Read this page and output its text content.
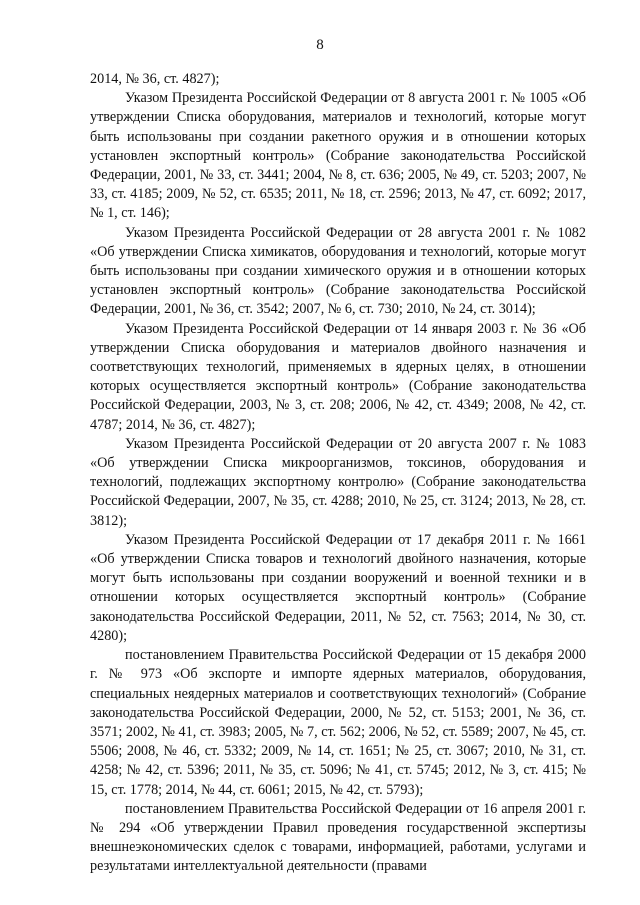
8

2014, № 36, ст. 4827);

Указом Президента Российской Федерации от 8 августа 2001 г. № 1005 «Об утверждении Списка оборудования, материалов и технологий, которые могут быть использованы при создании ракетного оружия и в отношении которых установлен экспортный контроль» (Собрание законодательства Российской Федерации, 2001, № 33, ст. 3441; 2004, № 8, ст. 636; 2005, № 49, ст. 5203; 2007, № 33, ст. 4185; 2009, № 52, ст. 6535; 2011, № 18, ст. 2596; 2013, № 47, ст. 6092; 2017, № 1, ст. 146);

Указом Президента Российской Федерации от 28 августа 2001 г. № 1082 «Об утверждении Списка химикатов, оборудования и технологий, которые могут быть использованы при создании химического оружия и в отношении которых установлен экспортный контроль» (Собрание законодательства Российской Федерации, 2001, № 36, ст. 3542; 2007, № 6, ст. 730; 2010, № 24, ст. 3014);

Указом Президента Российской Федерации от 14 января 2003 г. № 36 «Об утверждении Списка оборудования и материалов двойного назначения и соответствующих технологий, применяемых в ядерных целях, в отношении которых осуществляется экспортный контроль» (Собрание законодательства Российской Федерации, 2003, № 3, ст. 208; 2006, № 42, ст. 4349; 2008, № 42, ст. 4787; 2014, № 36, ст. 4827);

Указом Президента Российской Федерации от 20 августа 2007 г. № 1083 «Об утверждении Списка микроорганизмов, токсинов, оборудования и технологий, подлежащих экспортному контролю» (Собрание законодательства Российской Федерации, 2007, № 35, ст. 4288; 2010, № 25, ст. 3124; 2013, № 28, ст. 3812);

Указом Президента Российской Федерации от 17 декабря 2011 г. № 1661 «Об утверждении Списка товаров и технологий двойного назначения, которые могут быть использованы при создании вооружений и военной техники и в отношении которых осуществляется экспортный контроль» (Собрание законодательства Российской Федерации, 2011, № 52, ст. 7563; 2014, № 30, ст. 4280);

постановлением Правительства Российской Федерации от 15 декабря 2000 г. № 973 «Об экспорте и импорте ядерных материалов, оборудования, специальных неядерных материалов и соответствующих технологий» (Собрание законодательства Российской Федерации, 2000, № 52, ст. 5153; 2001, № 36, ст. 3571; 2002, № 41, ст. 3983; 2005, № 7, ст. 562; 2006, № 52, ст. 5589; 2007, № 45, ст. 5506; 2008, № 46, ст. 5332; 2009, № 14, ст. 1651; № 25, ст. 3067; 2010, № 31, ст. 4258; № 42, ст. 5396; 2011, № 35, ст. 5096; № 41, ст. 5745; 2012, № 3, ст. 415; № 15, ст. 1778; 2014, № 44, ст. 6061; 2015, № 42, ст. 5793);

постановлением Правительства Российской Федерации от 16 апреля 2001 г. № 294 «Об утверждении Правил проведения государственной экспертизы внешнеэкономических сделок с товарами, информацией, работами, услугами и результатами интеллектуальной деятельности (правами
